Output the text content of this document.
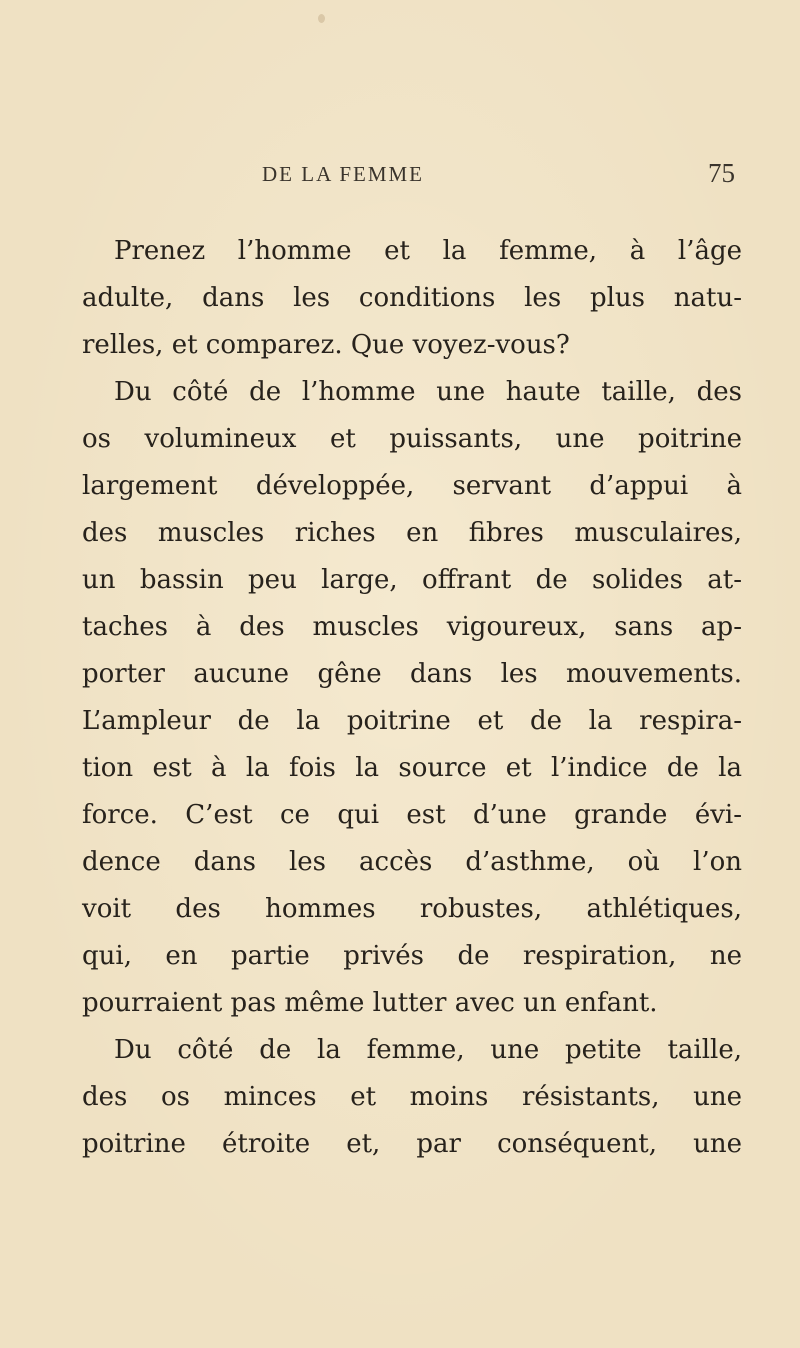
DE LA FEMME	75
Prenez l’homme et la femme, à l’âge
adulte, dans les conditions les plus natu-
relles, et comparez. Que voyez-vous?
Du côté de l’homme une haute taille, des
os volumineux et puissants, une poitrine
largement développée, servant d’appui à
des muscles riches en fibres musculaires,
un bassin peu large, offrant de solides at-
taches à des muscles vigoureux, sans ap-
porter aucune gêne dans les mouvements.
L’ampleur de la poitrine et de la respira-
tion est à la fois la source et l’indice de la
force. C’est ce qui est d’une grande évi-
dence dans les accès d’asthme, où l’on
voit des hommes robustes, athlétiques,
qui, en partie privés de respiration, ne
pourraient pas même lutter avec un enfant.
Du côté de la femme, une petite taille,
des os minces et moins résistants, une
poitrine étroite et, par conséquent, une
